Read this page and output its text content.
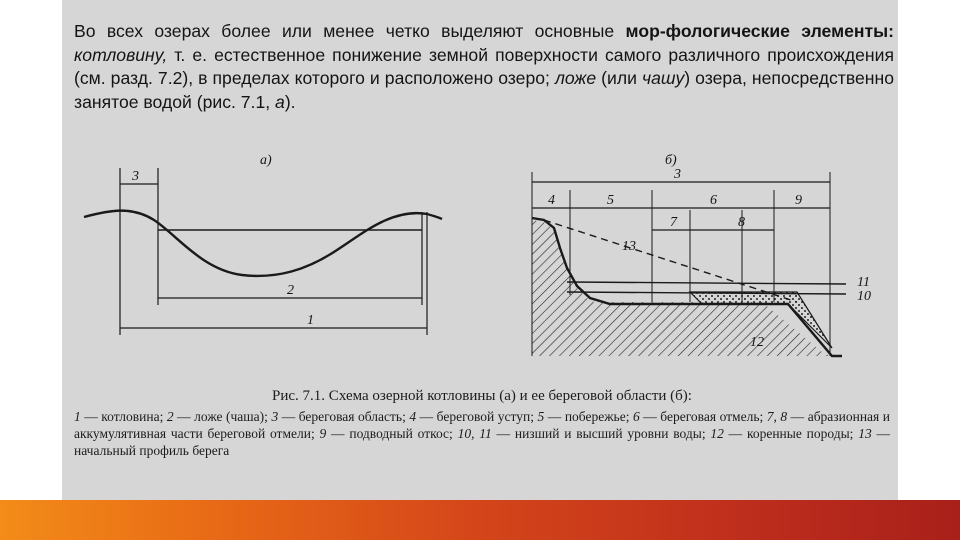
Во всех озерах более или менее четко выделяют основные мор-фологические элементы: котловину, т. е. естественное понижение земной поверхности самого различного происхождения (см. разд. 7.2), в пределах которого и расположено озеро; ложе (или чашу) озера, непосредственно занятое водой (рис. 7.1, а).
а)
3
2
1
б)
3
4	5	6
7	8
9
10
11
12
13
Рис. 7.1. Схема озерной котловины (а) и ее береговой области (б):
1 — котловина; 2 — ложе (чаша); 3 — береговая область; 4 — береговой уступ; 5 — побережье; 6 — береговая отмель; 7, 8 — абразионная и аккумулятивная части береговой отмели; 9 — подводный откос; 10, 11 — низший и высший уровни воды; 12 — коренные породы; 13 — начальный профиль берега
